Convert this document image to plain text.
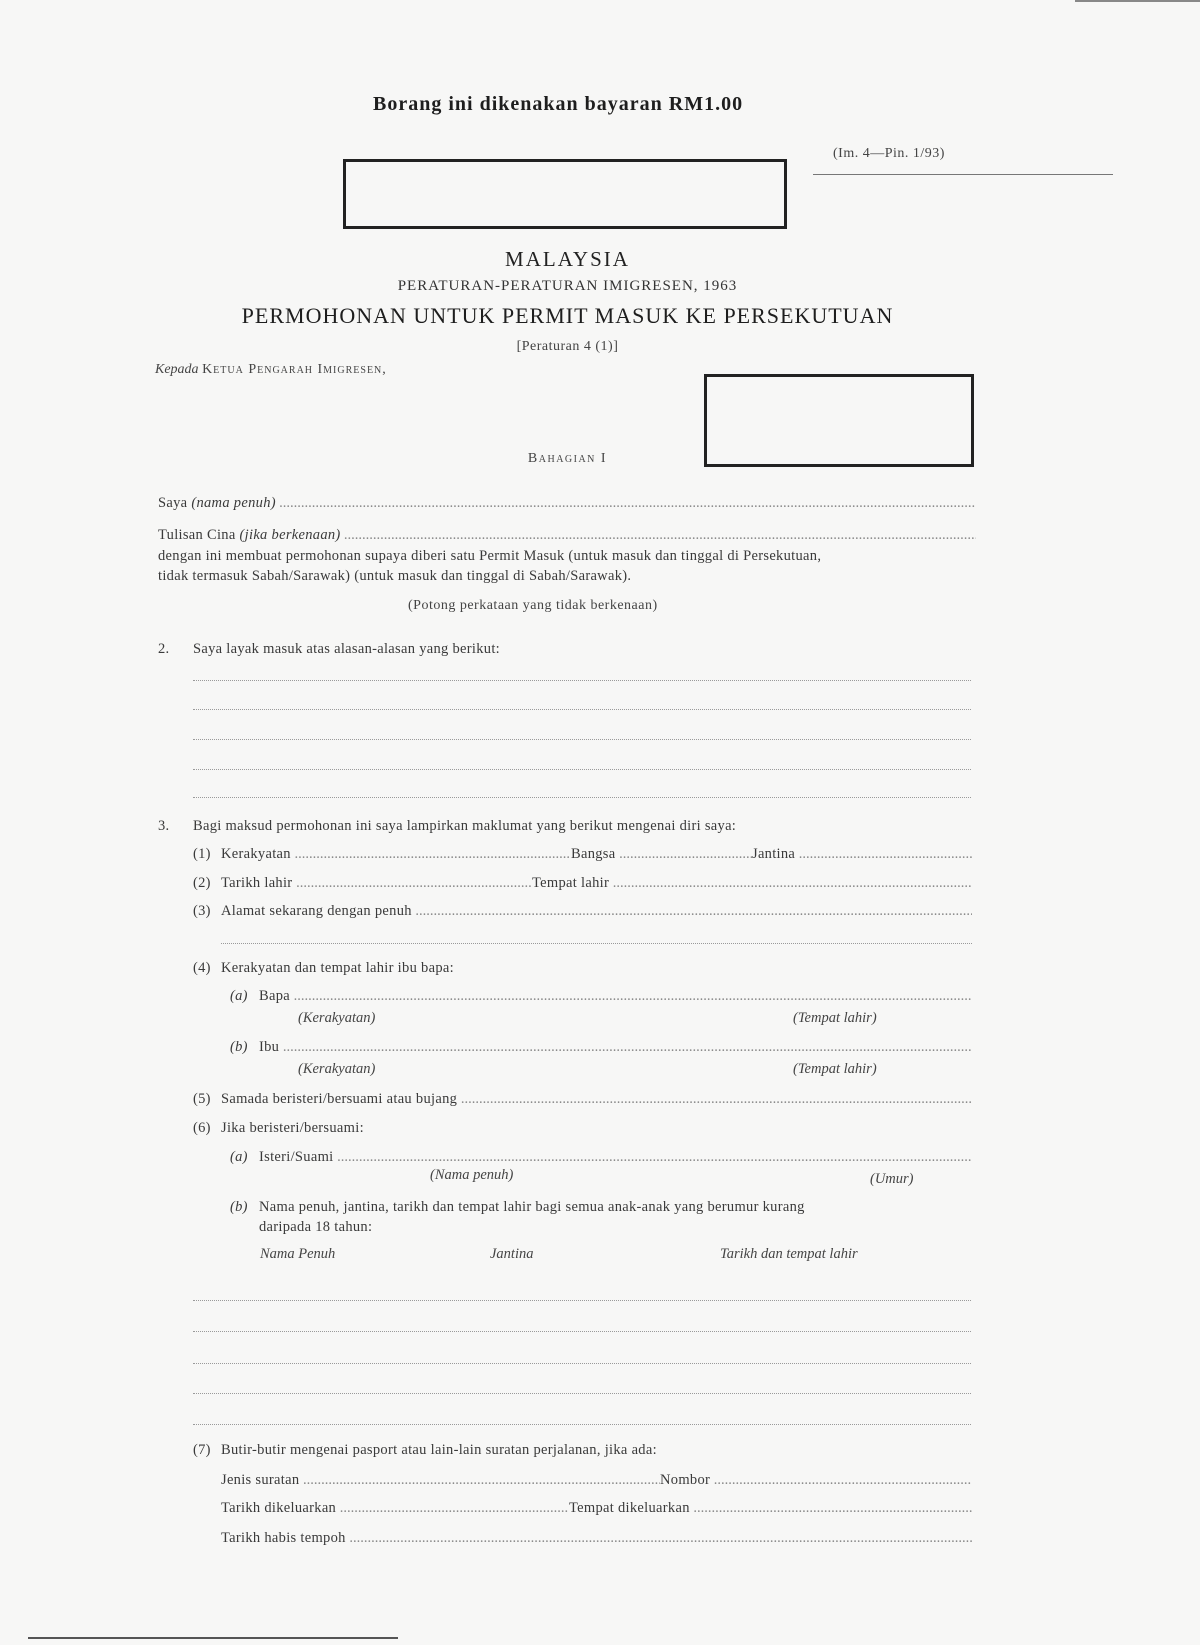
Borang ini dikenakan bayaran RM1.00
(Im. 4—Pin. 1/93)
MALAYSIA
PERATURAN-PERATURAN IMIGRESEN, 1963
PERMOHONAN UNTUK PERMIT MASUK KE PERSEKUTUAN
[Peraturan 4 (1)]
Kepada Ketua Pengarah Imigresen,
Bahagian I
Saya (nama penuh) .....
Tulisan Cina (jika berkenaan) .....
dengan ini membuat permohonan supaya diberi satu Permit Masuk (untuk masuk dan tinggal di Persekutuan,
tidak termasuk Sabah/Sarawak) (untuk masuk dan tinggal di Sabah/Sarawak).
(Potong perkataan yang tidak berkenaan)
2. Saya layak masuk atas alasan-alasan yang berikut:
3. Bagi maksud permohonan ini saya lampirkan maklumat yang berikut mengenai diri saya:
(1) Kerakyatan .....	Bangsa .....	Jantina .....
(2) Tarikh lahir .....	Tempat lahir .....
(3) Alamat sekarang dengan penuh .....
(4) Kerakyatan dan tempat lahir ibu bapa:
(a) Bapa .....
(Kerakyatan)	(Tempat lahir)
(b) Ibu .....
(Kerakyatan)	(Tempat lahir)
(5) Samada beristeri/bersuami atau bujang .....
(6) Jika beristeri/bersuami:
(a) Isteri/Suami .....
(Nama penuh)	(Umur)
(b) Nama penuh, jantina, tarikh dan tempat lahir bagi semua anak-anak yang berumur kurang
daripada 18 tahun:
Nama Penuh	Jantina	Tarikh dan tempat lahir
(7) Butir-butir mengenai pasport atau lain-lain suratan perjalanan, jika ada:
Jenis suratan .....	Nombor .....
Tarikh dikeluarkan .....	Tempat dikeluarkan .....
Tarikh habis tempoh .....
